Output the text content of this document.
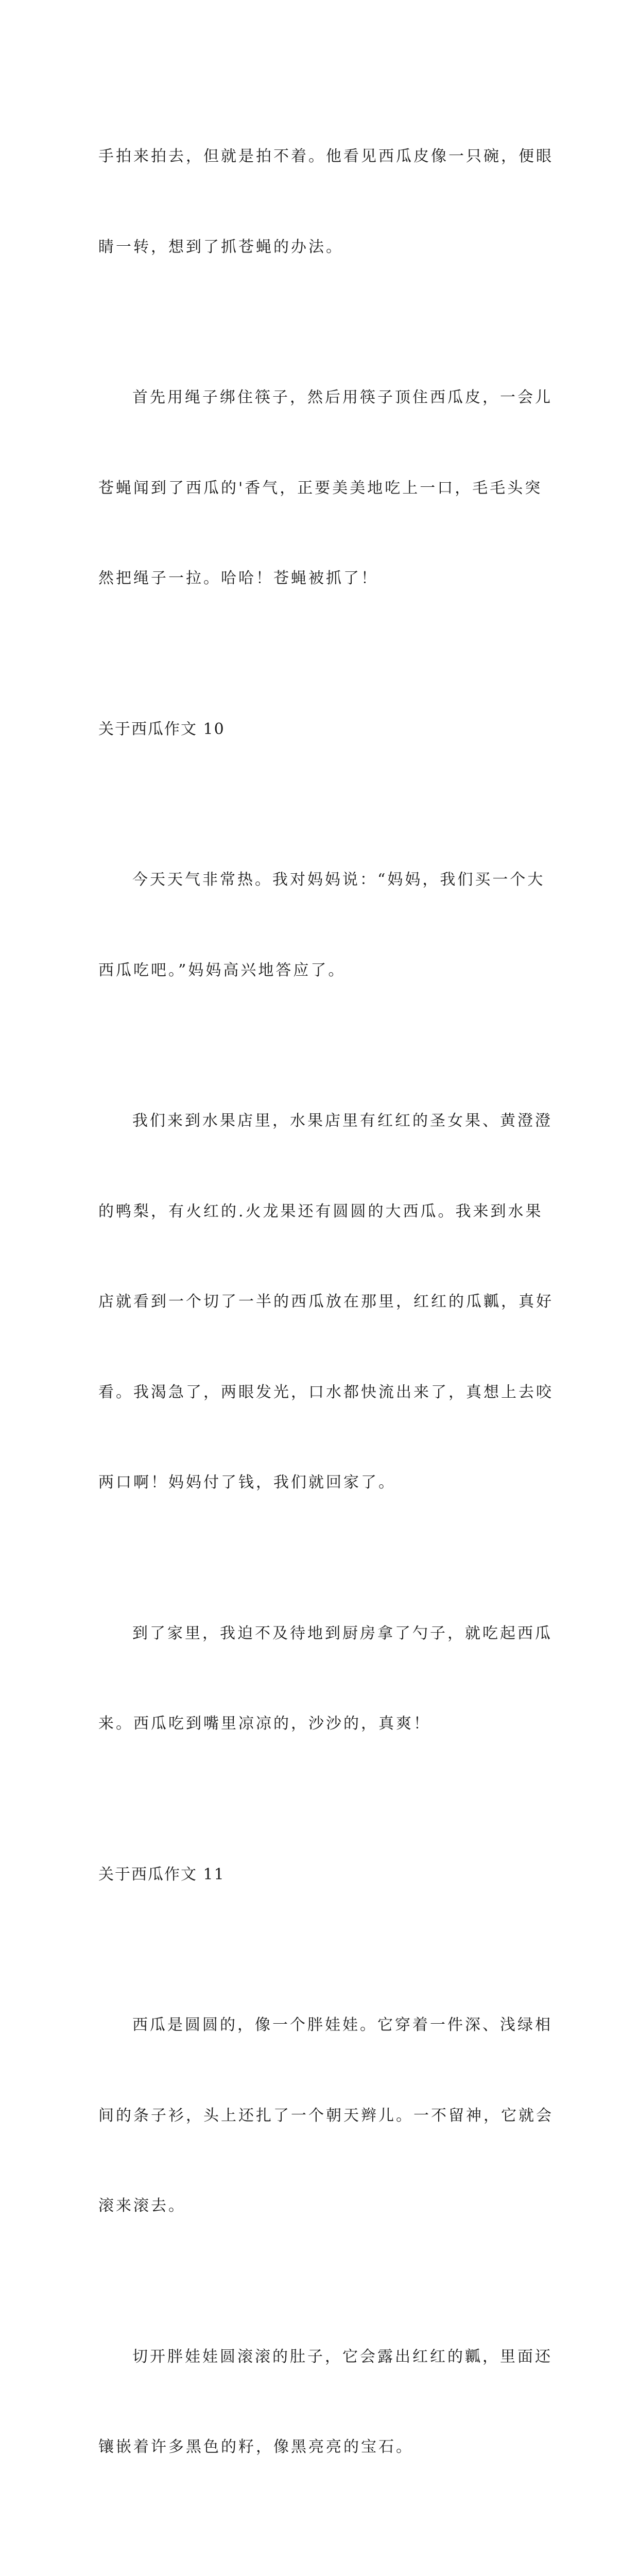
手拍来拍去，但就是拍不着。他看见西瓜皮像一只碗，便眼

睛一转，想到了抓苍蝇的办法。

首先用绳子绑住筷子，然后用筷子顶住西瓜皮，一会儿

苍蝇闻到了西瓜的'香气，正要美美地吃上一口，毛毛头突

然把绳子一拉。哈哈！苍蝇被抓了！

关于西瓜作文 10

今天天气非常热。我对妈妈说：“妈妈，我们买一个大

西瓜吃吧。”妈妈高兴地答应了。

我们来到水果店里，水果店里有红红的圣女果、黄澄澄

的鸭梨，有火红的.火龙果还有圆圆的大西瓜。我来到水果

店就看到一个切了一半的西瓜放在那里，红红的瓜瓤，真好

看。我渴急了，两眼发光，口水都快流出来了，真想上去咬

两口啊！妈妈付了钱，我们就回家了。

到了家里，我迫不及待地到厨房拿了勺子，就吃起西瓜

来。西瓜吃到嘴里凉凉的，沙沙的，真爽！

关于西瓜作文 11

西瓜是圆圆的，像一个胖娃娃。它穿着一件深、浅绿相

间的条子衫，头上还扎了一个朝天辫儿。一不留神，它就会

滚来滚去。

切开胖娃娃圆滚滚的肚子，它会露出红红的瓤，里面还

镶嵌着许多黑色的籽，像黑亮亮的宝石。
